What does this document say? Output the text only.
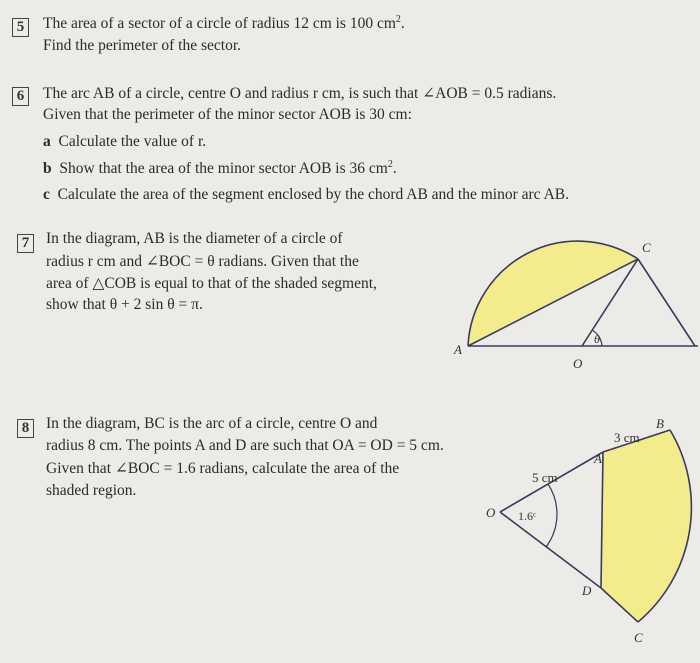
5	The area of a sector of a circle of radius 12 cm is 100 $cm^2$.
Find the perimeter of the sector.
6	The arc AB of a circle, centre O and radius r cm, is such that ∠AOB = 0.5 radians.
Given that the perimeter of the minor sector AOB is 30 cm:
a Calculate the value of r.
b Show that the area of the minor sector AOB is 36 $cm^2$.
c Calculate the area of the segment enclosed by the chord AB and the minor arc AB.
7	In the diagram, AB is the diameter of a circle of
radius r cm and ∠BOC = θ radians. Given that the
area of △COB is equal to that of the shaded segment,
show that θ + 2 sin θ = π.
C
A
O
θ
8	In the diagram, BC is the arc of a circle, centre O and
radius 8 cm. The points A and D are such that OA = OD = 5 cm.
Given that ∠BOC = 1.6 radians, calculate the area of the
shaded region.
O 1.6ᶜ
A
B
3 cm
5 cm
D
C
